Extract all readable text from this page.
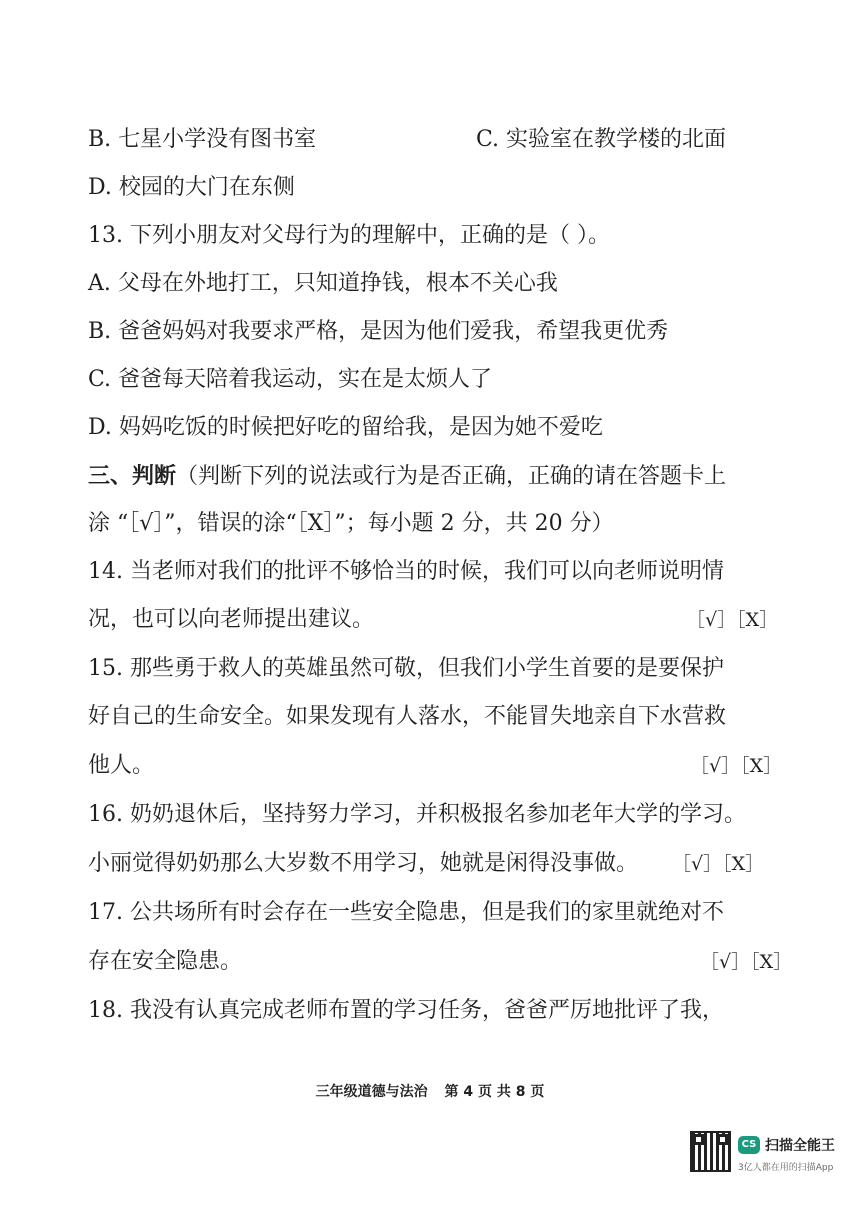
B. 七星小学没有图书室	C. 实验室在教学楼的北面
D. 校园的大门在东侧
13. 下列小朋友对父母行为的理解中，正确的是（ ）。
A. 父母在外地打工，只知道挣钱，根本不关心我
B. 爸爸妈妈对我要求严格，是因为他们爱我，希望我更优秀
C. 爸爸每天陪着我运动，实在是太烦人了
D. 妈妈吃饭的时候把好吃的留给我，是因为她不爱吃
三、判断（判断下列的说法或行为是否正确，正确的请在答题卡上
涂 “［√］”，错误的涂“［X］”；每小题 2 分，共 20 分）
14. 当老师对我们的批评不够恰当的时候，我们可以向老师说明情
况，也可以向老师提出建议。	［√］［X］
15. 那些勇于救人的英雄虽然可敬，但我们小学生首要的是要保护
好自己的生命安全。如果发现有人落水，不能冒失地亲自下水营救
他人。	［√］［X］
16. 奶奶退休后，坚持努力学习，并积极报名参加老年大学的学习。
小丽觉得奶奶那么大岁数不用学习，她就是闲得没事做。 ［√］［X］
17. 公共场所有时会存在一些安全隐患，但是我们的家里就绝对不
存在安全隐患。	［√］［X］
18. 我没有认真完成老师布置的学习任务，爸爸严厉地批评了我，
三年级道德与法治 第 4 页 共 8 页
CS 扫描全能王
3亿人都在用的扫描App
